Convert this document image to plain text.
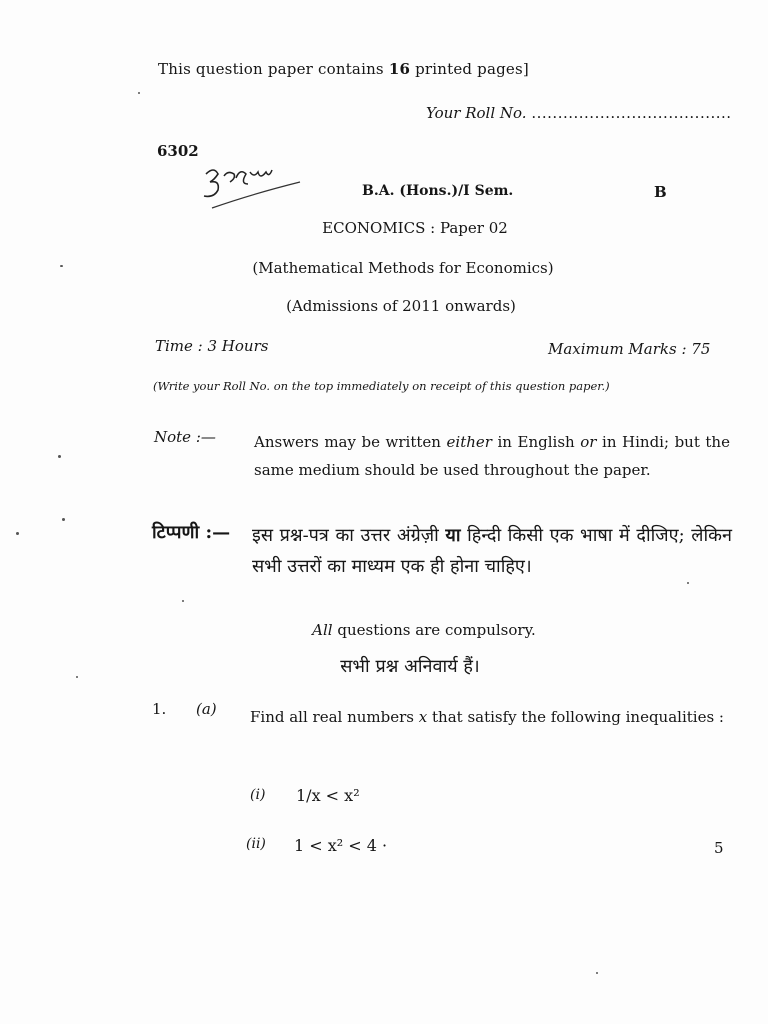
This question paper contains 16 printed pages]
Your Roll No. ......................................
6302
B.A. (Hons.)/I Sem.	B
ECONOMICS : Paper 02
(Mathematical Methods for Economics)
(Admissions of 2011 onwards)
Time : 3 Hours	Maximum Marks : 75
(Write your Roll No. on the top immediately on receipt of this question paper.)
Note :—	Answers may be written either in English or in Hindi; but the same medium should be used throughout the paper.
टिप्पणी :— इस प्रश्न-पत्र का उत्तर अंग्रेज़ी या हिन्दी किसी एक भाषा में दीजिए; लेकिन सभी उत्तरों का माध्यम एक ही होना चाहिए।
All questions are compulsory.
सभी प्रश्न अनिवार्य हैं।
1. (a) Find all real numbers x that satisfy the following inequalities :
(i) 1/x < x²
(ii) 1 < x² < 4 ·	5
